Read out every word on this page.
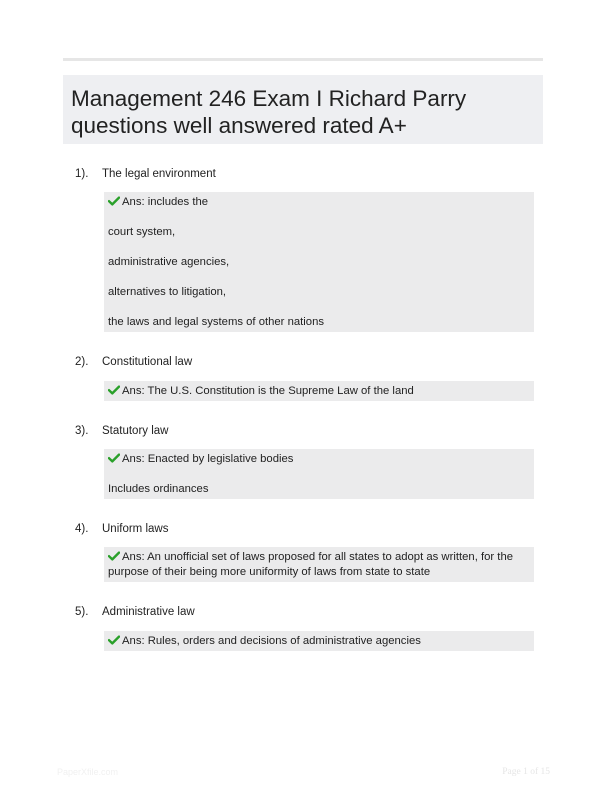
Management 246 Exam I Richard Parry
questions well answered rated A+
1). The legal environment

Ans: includes the

court system,

administrative agencies,

alternatives to litigation,

the laws and legal systems of other nations

2). Constitutional law

Ans: The U.S. Constitution is the Supreme Law of the land

3). Statutory law

Ans: Enacted by legislative bodies

Includes ordinances

4). Uniform laws

Ans: An unofficial set of laws proposed for all states to adopt as written, for the

purpose of their being more uniformity of laws from state to state

5). Administrative law

Ans: Rules, orders and decisions of administrative agencies

PaperXfile.com	Page 1 of 15
